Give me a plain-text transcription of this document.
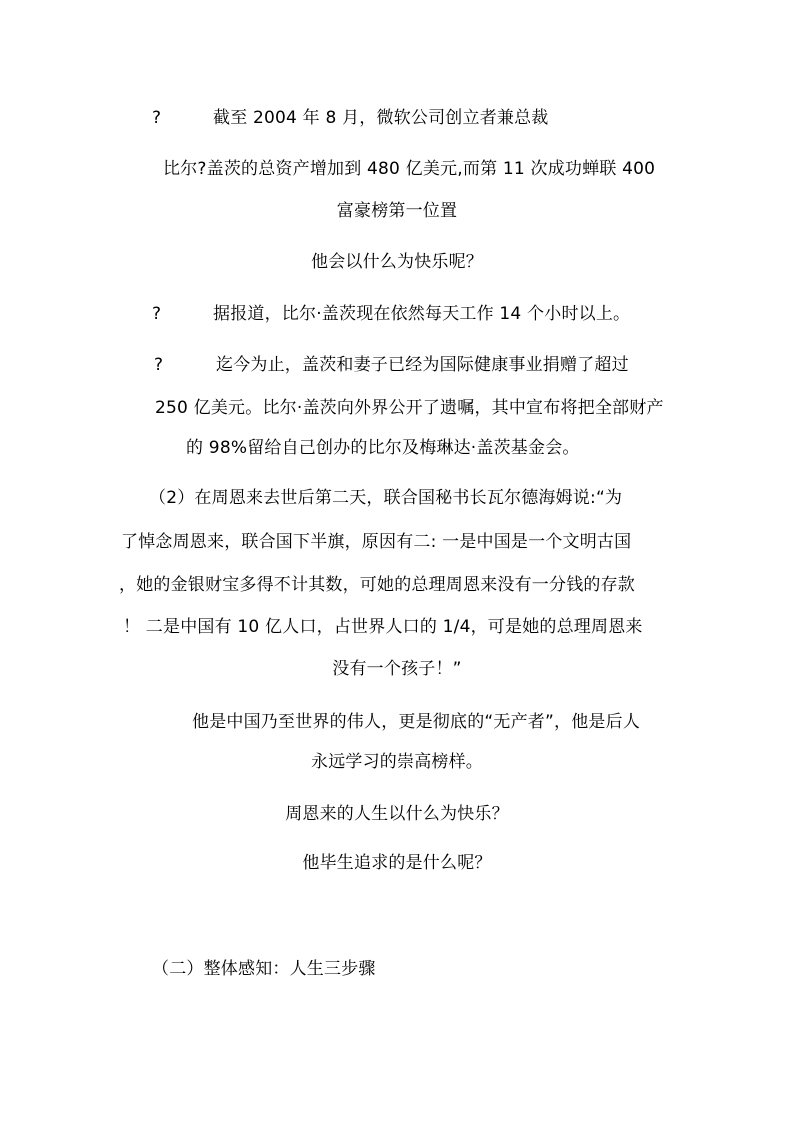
?	截至 2004 年 8 月，微软公司创立者兼总裁
比尔?盖茨的总资产增加到 480 亿美元,而第 11 次成功蝉联 400
富豪榜第一位置
他会以什么为快乐呢？
?	据报道，比尔·盖茨现在依然每天工作 14 个小时以上。
?	迄今为止，盖茨和妻子已经为国际健康事业捐赠了超过
250 亿美元。比尔·盖茨向外界公开了遗嘱，其中宣布将把全部财产
的 98%留给自己创办的比尔及梅琳达·盖茨基金会。
（2）在周恩来去世后第二天，联合国秘书长瓦尔德海姆说:“为
了悼念周恩来，联合国下半旗，原因有二: 一是中国是一个文明古国
，她的金银财宝多得不计其数，可她的总理周恩来没有一分钱的存款
！ 二是中国有 10 亿人口，占世界人口的 1/4，可是她的总理周恩来
没有一个孩子！”
他是中国乃至世界的伟人，更是彻底的“无产者”，他是后人
永远学习的崇高榜样。
周恩来的人生以什么为快乐？
他毕生追求的是什么呢？
（二）整体感知：人生三步骤
